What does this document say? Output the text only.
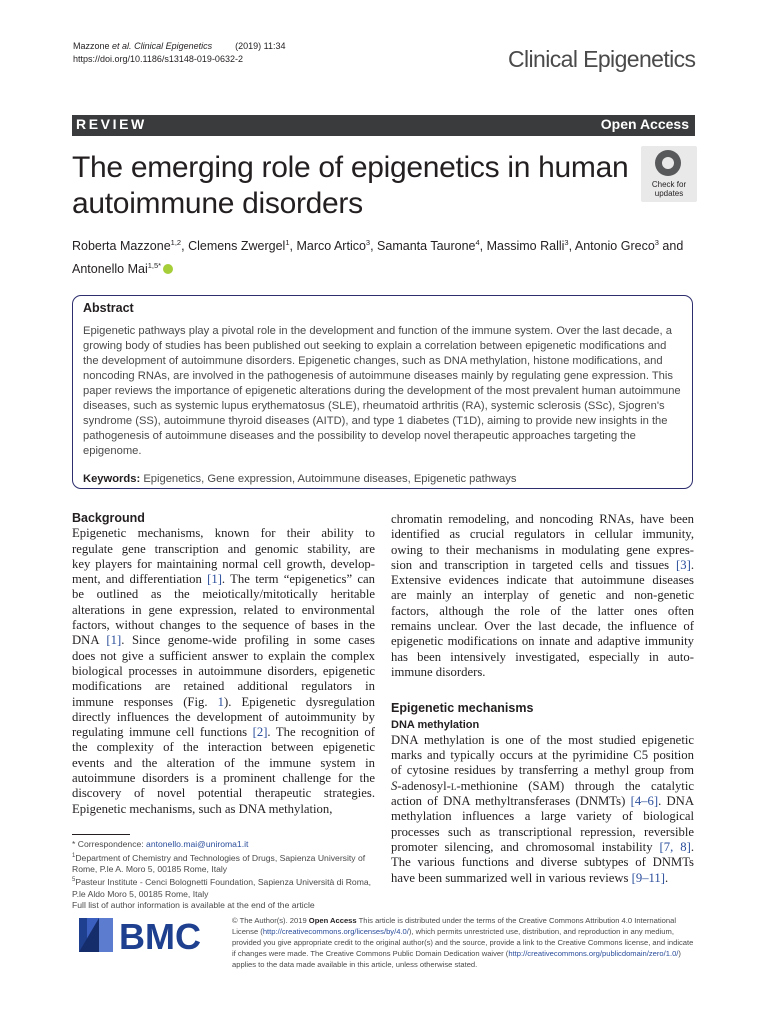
Mazzone et al. Clinical Epigenetics	(2019) 11:34
https://doi.org/10.1186/s13148-019-0632-2	Clinical Epigenetics
REVIEW	Open Access
The emerging role of epigenetics in human
autoimmune disorders
Check for
updates
Roberta Mazzone$^{1,2}$, Clemens Zwergel$^1$, Marco Artico$^3$, Samanta Taurone$^4$, Massimo Ralli$^3$, Antonio Greco$^3$ and
Antonello Mai$^{1,5*}$
Abstract
Epigenetic pathways play a pivotal role in the development and function of the immune system. Over the last decade, a growing body of studies has been published out seeking to explain a correlation between epigenetic modifications and the development of autoimmune disorders. Epigenetic changes, such as DNA methylation, histone modifications, and noncoding RNAs, are involved in the pathogenesis of autoimmune diseases mainly by regulating gene expression. This paper reviews the importance of epigenetic alterations during the development of the most prevalent human autoimmune diseases, such as systemic lupus erythematosus (SLE), rheumatoid arthritis (RA), systemic sclerosis (SSc), Sjogren's syndrome (SS), autoimmune thyroid diseases (AITD), and type 1 diabetes (T1D), aiming to provide new insights in the pathogenesis of autoimmune diseases and the possibility to develop novel therapeutic approaches targeting the epigenome.
Keywords: Epigenetics, Gene expression, Autoimmune diseases, Epigenetic pathways
Background
Epigenetic mechanisms, known for their ability to
regulate gene transcription and genomic stability, are
key players for maintaining normal cell growth, develop-
ment, and differentiation [1]. The term “epigenetics” can
be outlined as the meiotically/mitotically heritable
alterations in gene expression, related to environmental
factors, without changes to the sequence of bases in the
DNA [1]. Since genome-wide profiling in some cases
does not give a sufficient answer to explain the complex
biological processes in autoimmune disorders, epigenetic
modifications are retained additional regulators in
immune responses (Fig. 1). Epigenetic dysregulation
directly influences the development of autoimmunity by
regulating immune cell functions [2]. The recognition of
the complexity of the interaction between epigenetic
events and the alteration of the immune system in
autoimmune disorders is a prominent challenge for the
discovery of novel potential therapeutic strategies.
Epigenetic mechanisms, such as DNA methylation,
chromatin remodeling, and noncoding RNAs, have been
identified as crucial regulators in cellular immunity,
owing to their mechanisms in modulating gene expres-
sion and transcription in targeted cells and tissues [3].
Extensive evidences indicate that autoimmune diseases
are mainly an interplay of genetic and non-genetic
factors, although the role of the latter ones often
remains unclear. Over the last decade, the influence of
epigenetic modifications on innate and adaptive immunity
has been intensively investigated, especially in auto-
immune disorders.
Epigenetic mechanisms
DNA methylation
DNA methylation is one of the most studied epigenetic
marks and typically occurs at the pyrimidine C5 position
of cytosine residues by transferring a methyl group from
S-adenosyl-l-methionine (SAM) through the catalytic
action of DNA methyltransferases (DNMTs) [4–6]. DNA
methylation influences a large variety of biological
processes such as transcriptional repression, reversible
promoter silencing, and chromosomal instability [7, 8].
The various functions and diverse subtypes of DNMTs
have been summarized well in various reviews [9–11].
* Correspondence: antonello.mai@uniroma1.it
$^1$Department of Chemistry and Technologies of Drugs, Sapienza University of Rome, P.le A. Moro 5, 00185 Rome, Italy
$^5$Pasteur Institute - Cenci Bolognetti Foundation, Sapienza Università di Roma, P.le Aldo Moro 5, 00185 Rome, Italy
Full list of author information is available at the end of the article
BMC	© The Author(s). 2019 Open Access This article is distributed under the terms of the Creative Commons Attribution 4.0 International License (http://creativecommons.org/licenses/by/4.0/), which permits unrestricted use, distribution, and reproduction in any medium, provided you give appropriate credit to the original author(s) and the source, provide a link to the Creative Commons license, and indicate if changes were made. The Creative Commons Public Domain Dedication waiver (http://creativecommons.org/publicdomain/zero/1.0/) applies to the data made available in this article, unless otherwise stated.
